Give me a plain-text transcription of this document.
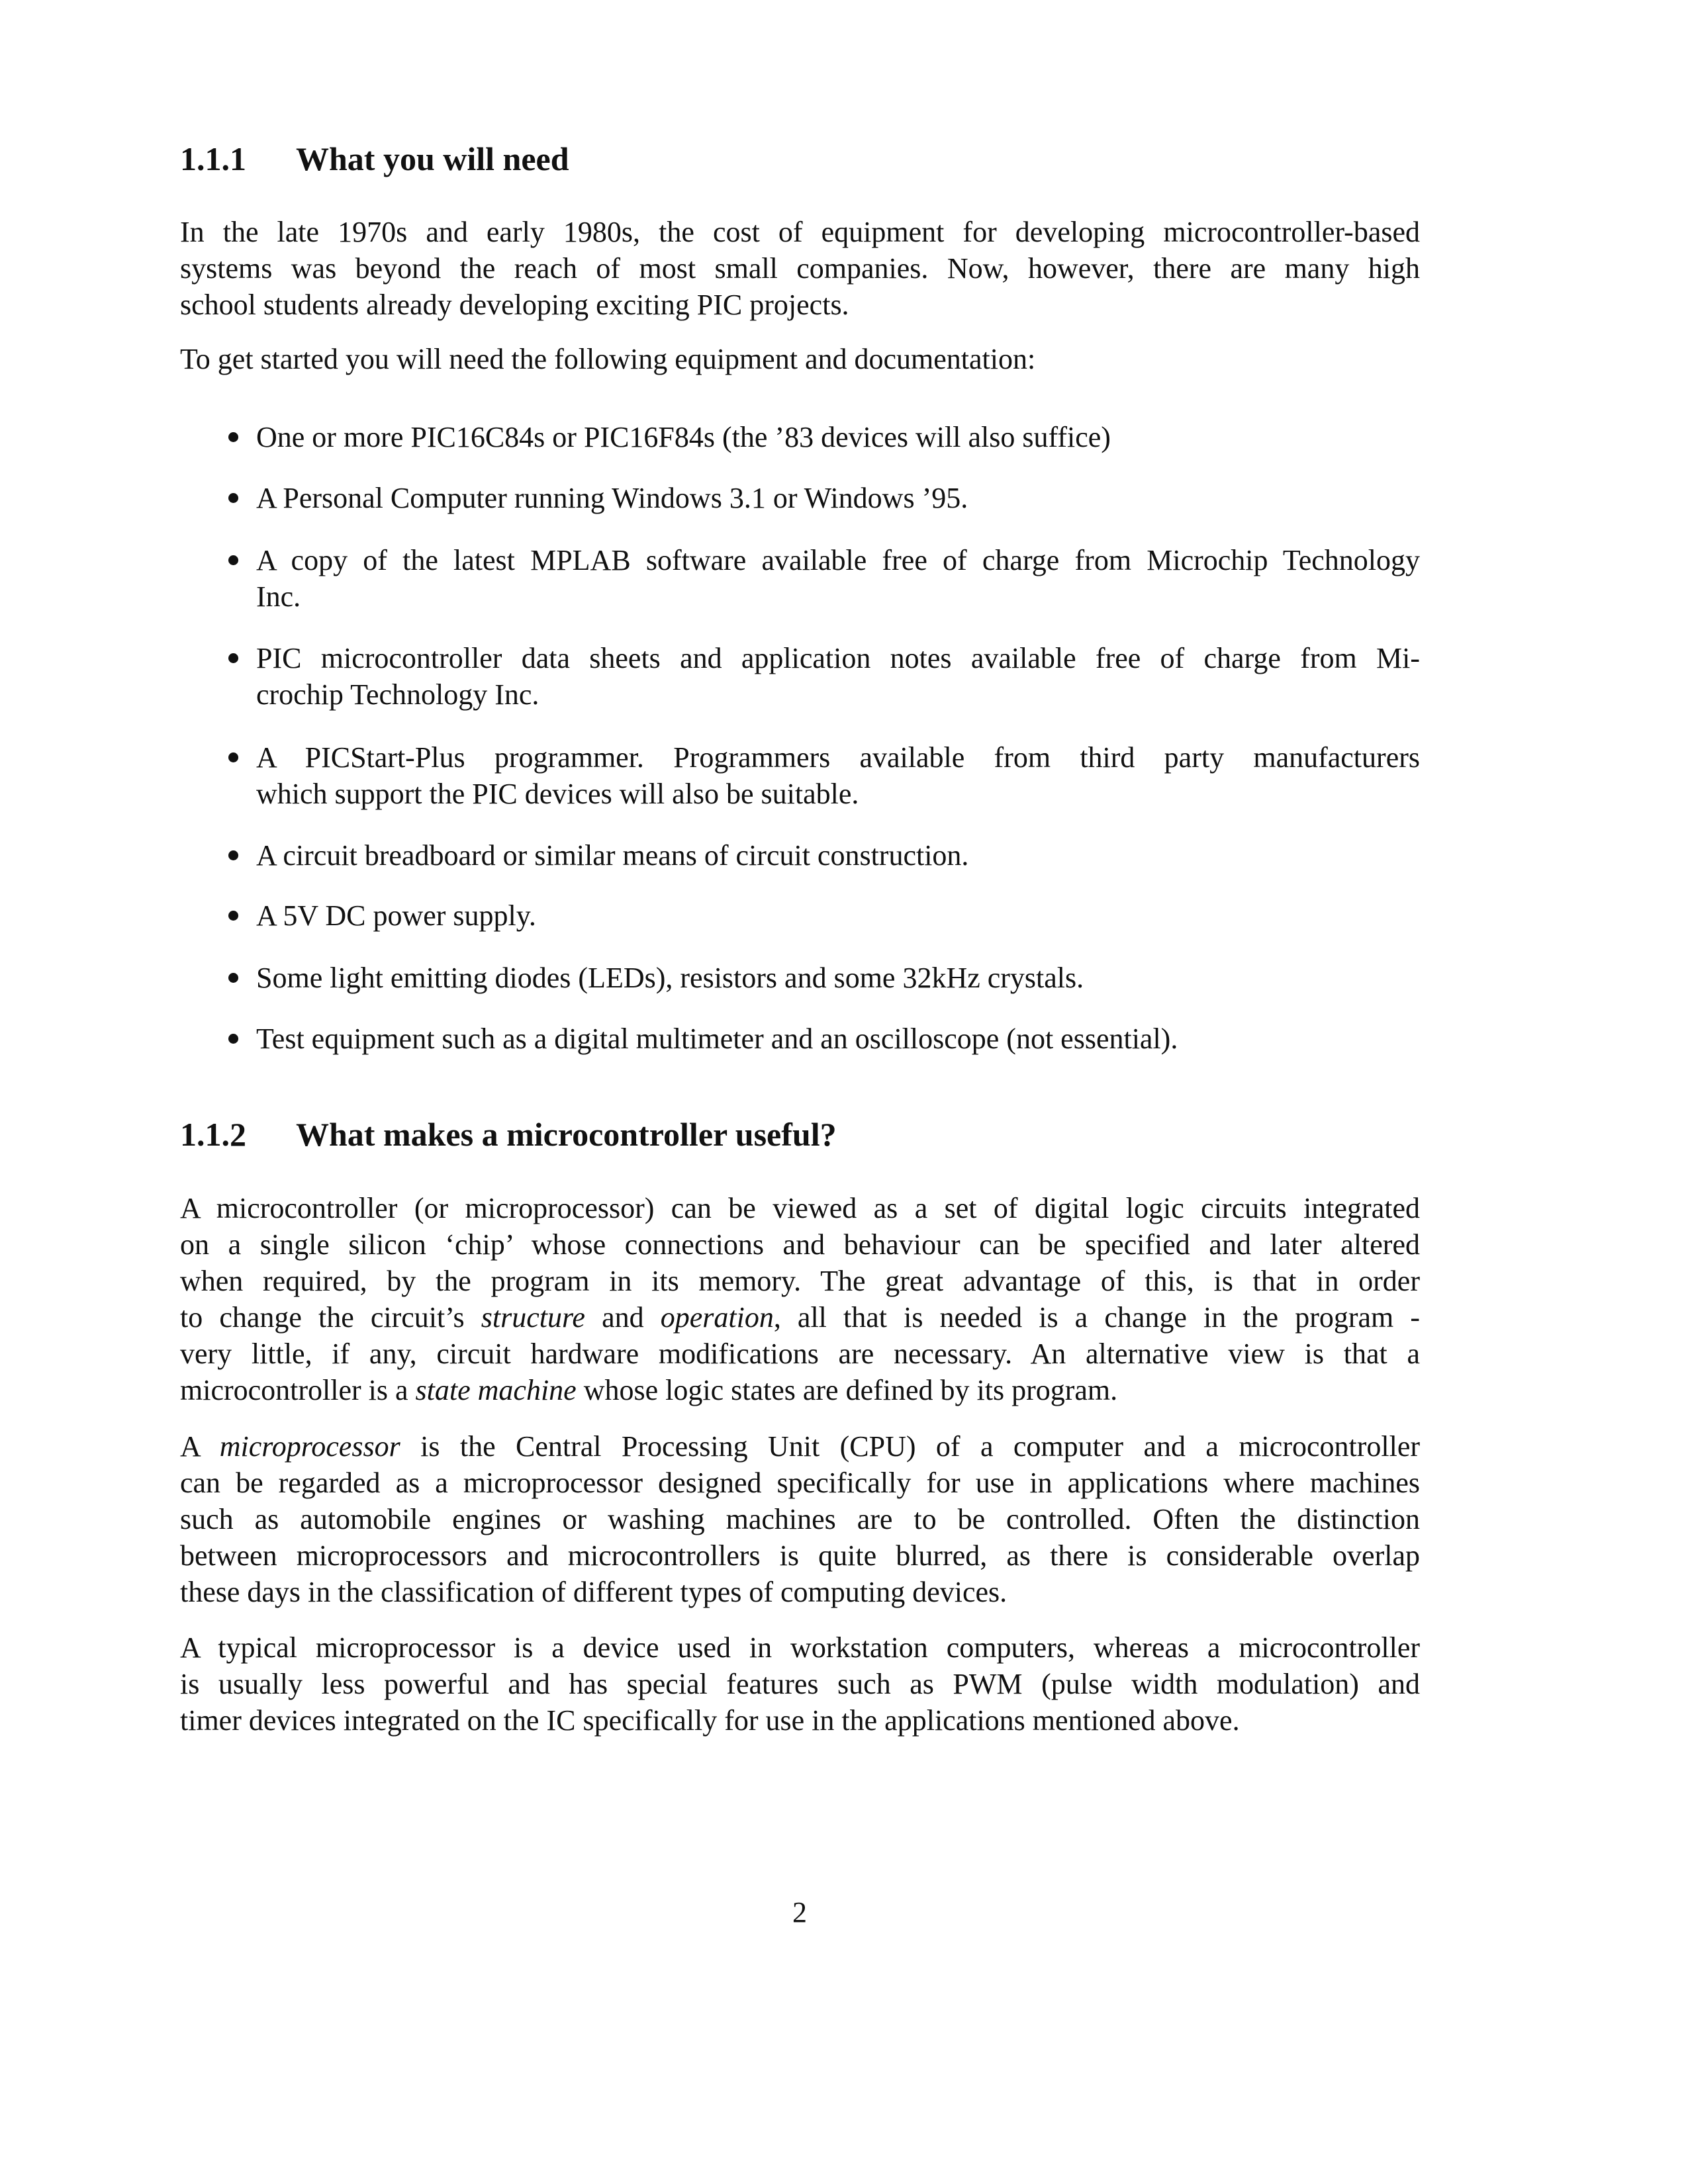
1.1.1 What you will need
1.1.2 What makes a microcontroller useful?
In the late 1970s and early 1980s, the cost of equipment for developing microcontroller-based
systems was beyond the reach of most small companies. Now, however, there are many high
school students already developing exciting PIC projects.
To get started you will need the following equipment and documentation:
One or more PIC16C84s or PIC16F84s (the ’83 devices will also suffice)
A Personal Computer running Windows 3.1 or Windows ’95.
A copy of the latest MPLAB software available free of charge from Microchip Technology
Inc.
PIC microcontroller data sheets and application notes available free of charge from Mi-
crochip Technology Inc.
A PICStart-Plus programmer. Programmers available from third party manufacturers
which support the PIC devices will also be suitable.
A circuit breadboard or similar means of circuit construction.
A 5V DC power supply.
Some light emitting diodes (LEDs), resistors and some 32kHz crystals.
Test equipment such as a digital multimeter and an oscilloscope (not essential).
A microcontroller (or microprocessor) can be viewed as a set of digital logic circuits integrated
on a single silicon ‘chip’ whose connections and behaviour can be specified and later altered
when required, by the program in its memory. The great advantage of this, is that in order
to change the circuit’s structure and operation, all that is needed is a change in the program -
very little, if any, circuit hardware modifications are necessary. An alternative view is that a
microcontroller is a state machine whose logic states are defined by its program.
A microprocessor is the Central Processing Unit (CPU) of a computer and a microcontroller
can be regarded as a microprocessor designed specifically for use in applications where machines
such as automobile engines or washing machines are to be controlled. Often the distinction
between microprocessors and microcontrollers is quite blurred, as there is considerable overlap
these days in the classification of different types of computing devices.
A typical microprocessor is a device used in workstation computers, whereas a microcontroller
is usually less powerful and has special features such as PWM (pulse width modulation) and
timer devices integrated on the IC specifically for use in the applications mentioned above.
2
